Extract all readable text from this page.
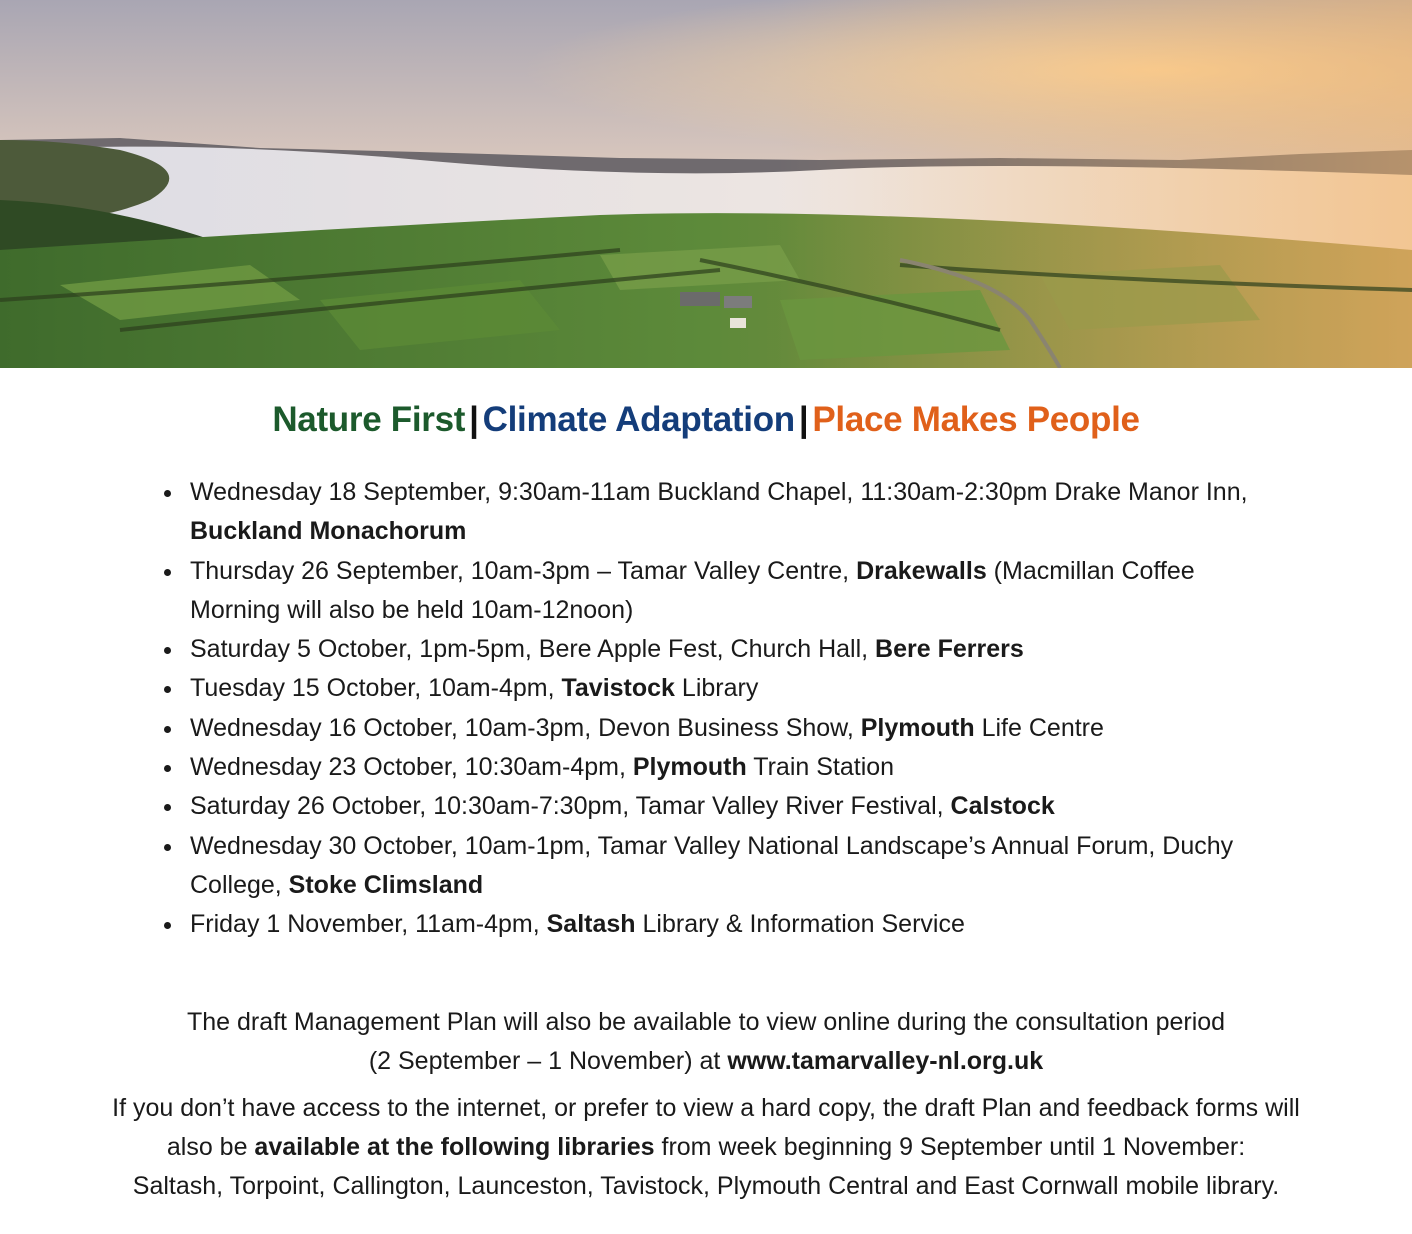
Nature First | Climate Adaptation | Place Makes People
Wednesday 18 September, 9:30am-11am Buckland Chapel, 11:30am-2:30pm Drake Manor Inn, Buckland Monachorum
Thursday 26 September, 10am-3pm – Tamar Valley Centre, Drakewalls (Macmillan Coffee Morning will also be held 10am-12noon)
Saturday 5 October, 1pm-5pm, Bere Apple Fest, Church Hall, Bere Ferrers
Tuesday 15 October, 10am-4pm, Tavistock Library
Wednesday 16 October, 10am-3pm, Devon Business Show, Plymouth Life Centre
Wednesday 23 October, 10:30am-4pm, Plymouth Train Station
Saturday 26 October, 10:30am-7:30pm, Tamar Valley River Festival, Calstock
Wednesday 30 October, 10am-1pm, Tamar Valley National Landscape’s Annual Forum, Duchy College, Stoke Climsland
Friday 1 November, 11am-4pm, Saltash Library & Information Service
The draft Management Plan will also be available to view online during the consultation period
(2 September – 1 November) at www.tamarvalley-nl.org.uk
If you don’t have access to the internet, or prefer to view a hard copy, the draft Plan and feedback forms will
also be available at the following libraries from week beginning 9 September until 1 November:
Saltash, Torpoint, Callington, Launceston, Tavistock, Plymouth Central and East Cornwall mobile library.
